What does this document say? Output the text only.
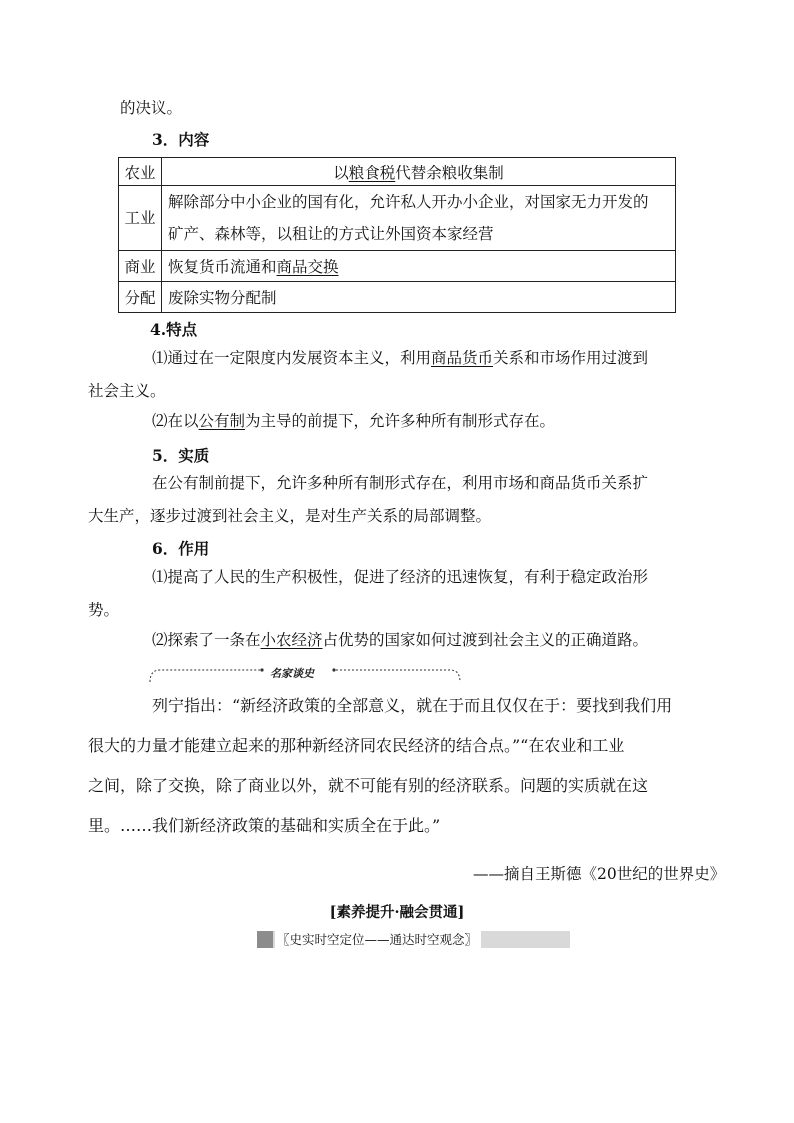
的决议。
3．内容
农业	以粮食税代替余粮收集制
工业	解除部分中小企业的国有化，允许私人开办小企业，对国家无力开发的
矿产、森林等，以租让的方式让外国资本家经营

商业	恢复货币流通和商品交换
分配	废除实物分配制
4.特点
⑴通过在一定限度内发展资本主义，利用商品货币关系和市场作用过渡到
社会主义。
⑵在以公有制为主导的前提下，允许多种所有制形式存在。
5．实质
在公有制前提下，允许多种所有制形式存在，利用市场和商品货币关系扩
大生产，逐步过渡到社会主义，是对生产关系的局部调整。
6．作用
⑴提高了人民的生产积极性，促进了经济的迅速恢复，有利于稳定政治形
势。
⑵探索了一条在小农经济占优势的国家如何过渡到社会主义的正确道路。
名家谈史
列宁指出：“新经济政策的全部意义，就在于而且仅仅在于：要找到我们用
很大的力量才能建立起来的那种新经济同农民经济的结合点。”“在农业和工业
之间，除了交换，除了商业以外，就不可能有别的经济联系。问题的实质就在这
里。……我们新经济政策的基础和实质全在于此。”
——摘自王斯德《20世纪的世界史》
[素养提升·融会贯通]
〖史实时空定位——通达时空观念〗
